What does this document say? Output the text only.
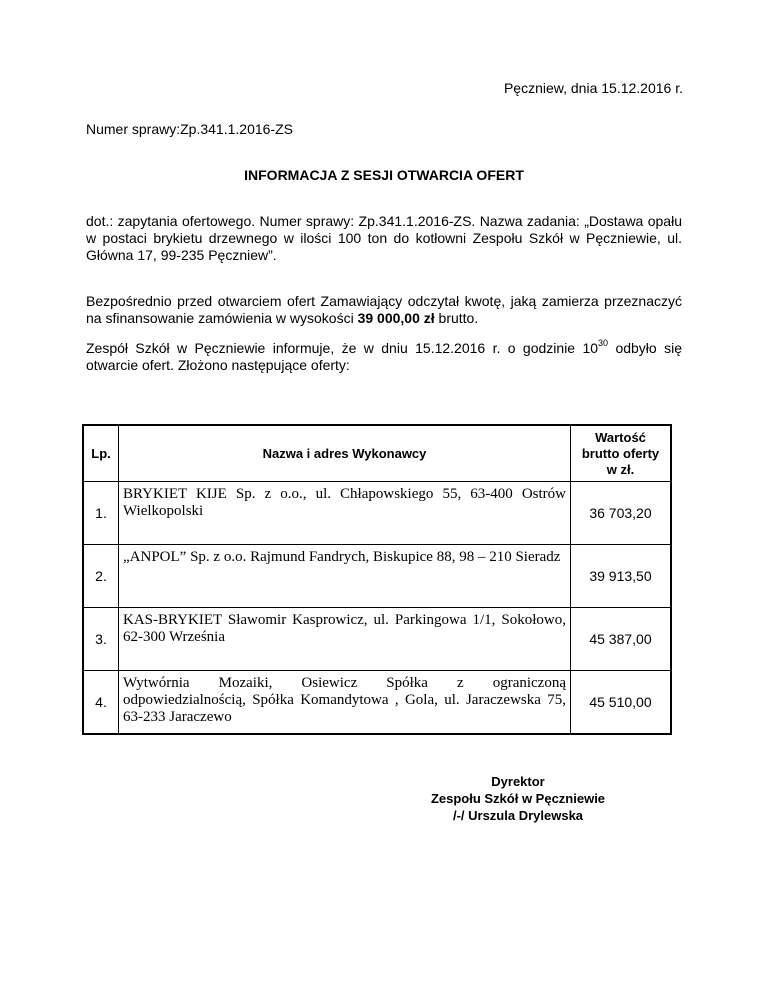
Pęczniew, dnia 15.12.2016 r.
Numer sprawy:Zp.341.1.2016-ZS
INFORMACJA Z SESJI OTWARCIA OFERT
dot.: zapytania ofertowego. Numer sprawy: Zp.341.1.2016-ZS. Nazwa zadania: „Dostawa opału w postaci brykietu drzewnego w ilości 100 ton do kotłowni Zespołu Szkół w Pęczniewie, ul. Główna 17, 99-235 Pęczniew”.
Bezpośrednio przed otwarciem ofert Zamawiający odczytał kwotę, jaką zamierza przeznaczyć na sfinansowanie zamówienia w wysokości 39 000,00 zł brutto.
Zespół Szkół w Pęczniewie informuje, że w dniu 15.12.2016 r. o godzinie $10^{30}$ odbyło się otwarcie ofert. Złożono następujące oferty:
Lp.	Nazwa i adres Wykonawcy	Wartość
brutto oferty
w zł.

1.	BRYKIET KIJE Sp. z o.o., ul. Chłapowskiego 55, 63-400 Ostrów Wielkopolski	36 703,20
2.	„ANPOL” Sp. z o.o. Rajmund Fandrych, Biskupice 88, 98 – 210 Sieradz	39 913,50
3.	KAS-BRYKIET Sławomir Kasprowicz, ul. Parkingowa 1/1, Sokołowo, 62-300 Września	45 387,00
4.	Wytwórnia Mozaiki, Osiewicz Spółka z ograniczoną odpowiedzialnością, Spółka Komandytowa , Gola, ul. Jaraczewska 75, 63-233 Jaraczewo	45 510,00
Dyrektor
Zespołu Szkół w Pęczniewie
/-/ Urszula Drylewska
